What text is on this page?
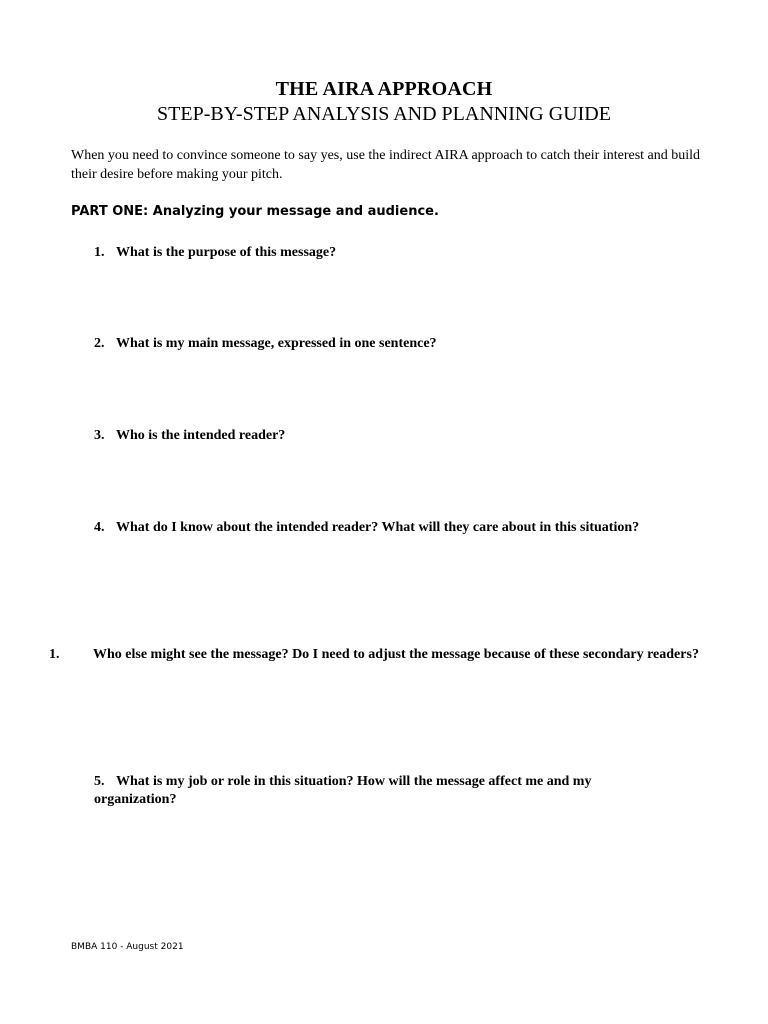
THE AIRA APPROACH
STEP-BY-STEP ANALYSIS AND PLANNING GUIDE
When you need to convince someone to say yes, use the indirect AIRA approach to catch their interest and build their desire before making your pitch.
PART ONE: Analyzing your message and audience.
1. What is the purpose of this message?
2. What is my main message, expressed in one sentence?
3. Who is the intended reader?
4. What do I know about the intended reader? What will they care about in this situation?
1. Who else might see the message? Do I need to adjust the message because of these secondary readers?
5. What is my job or role in this situation? How will the message affect me and my organization?
BMBA 110 - August 2021
